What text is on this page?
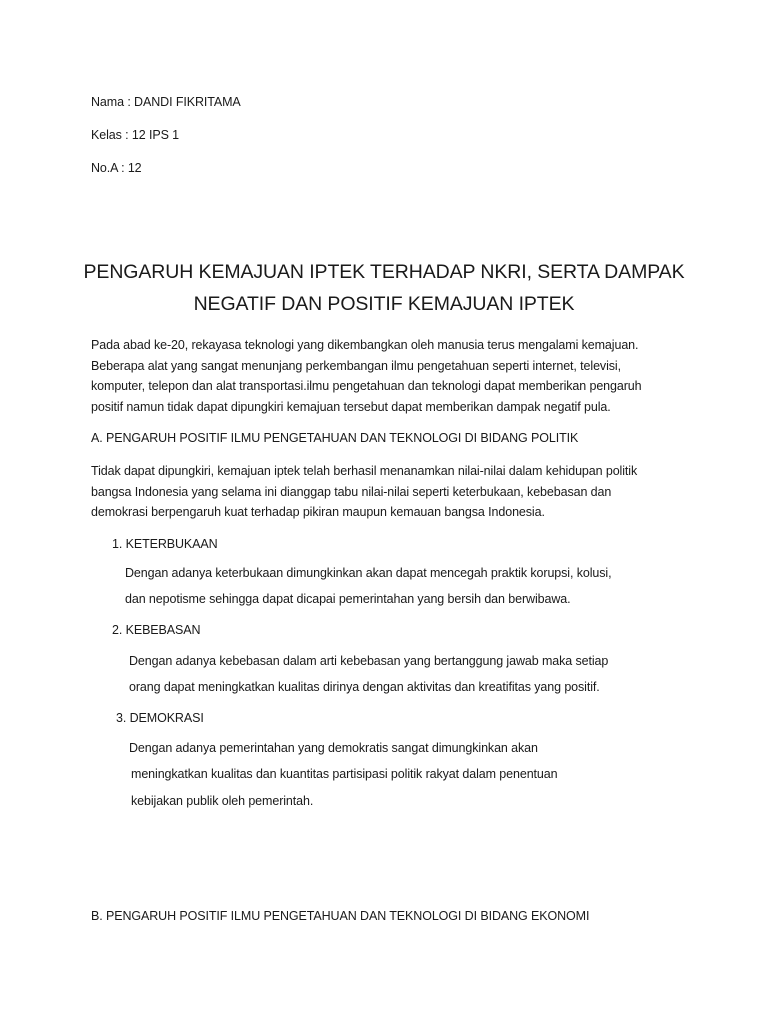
Nama : DANDI FIKRITAMA
Kelas : 12 IPS 1
No.A : 12
PENGARUH KEMAJUAN IPTEK TERHADAP NKRI, SERTA DAMPAK
NEGATIF DAN POSITIF KEMAJUAN IPTEK
Pada abad ke-20, rekayasa teknologi yang dikembangkan oleh manusia terus mengalami kemajuan.
Beberapa alat yang sangat menunjang perkembangan ilmu pengetahuan seperti internet, televisi,
komputer, telepon dan alat transportasi.ilmu pengetahuan dan teknologi dapat memberikan pengaruh
positif namun tidak dapat dipungkiri kemajuan tersebut dapat memberikan dampak negatif pula.
A. PENGARUH POSITIF ILMU PENGETAHUAN DAN TEKNOLOGI DI BIDANG POLITIK
Tidak dapat dipungkiri, kemajuan iptek telah berhasil menanamkan nilai-nilai dalam kehidupan politik
bangsa Indonesia yang selama ini dianggap tabu nilai-nilai seperti keterbukaan, kebebasan dan
demokrasi berpengaruh kuat terhadap pikiran maupun kemauan bangsa Indonesia.
1. KETERBUKAAN
Dengan adanya keterbukaan dimungkinkan akan dapat mencegah praktik korupsi, kolusi,
dan nepotisme sehingga dapat dicapai pemerintahan yang bersih dan berwibawa.
2. KEBEBASAN
Dengan adanya kebebasan dalam arti kebebasan yang bertanggung jawab maka setiap
orang dapat meningkatkan kualitas dirinya dengan aktivitas dan kreatifitas yang positif.
3. DEMOKRASI
Dengan adanya pemerintahan yang demokratis sangat dimungkinkan akan
meningkatkan kualitas dan kuantitas partisipasi politik rakyat dalam penentuan
kebijakan publik oleh pemerintah.
B. PENGARUH POSITIF ILMU PENGETAHUAN DAN TEKNOLOGI DI BIDANG EKONOMI
